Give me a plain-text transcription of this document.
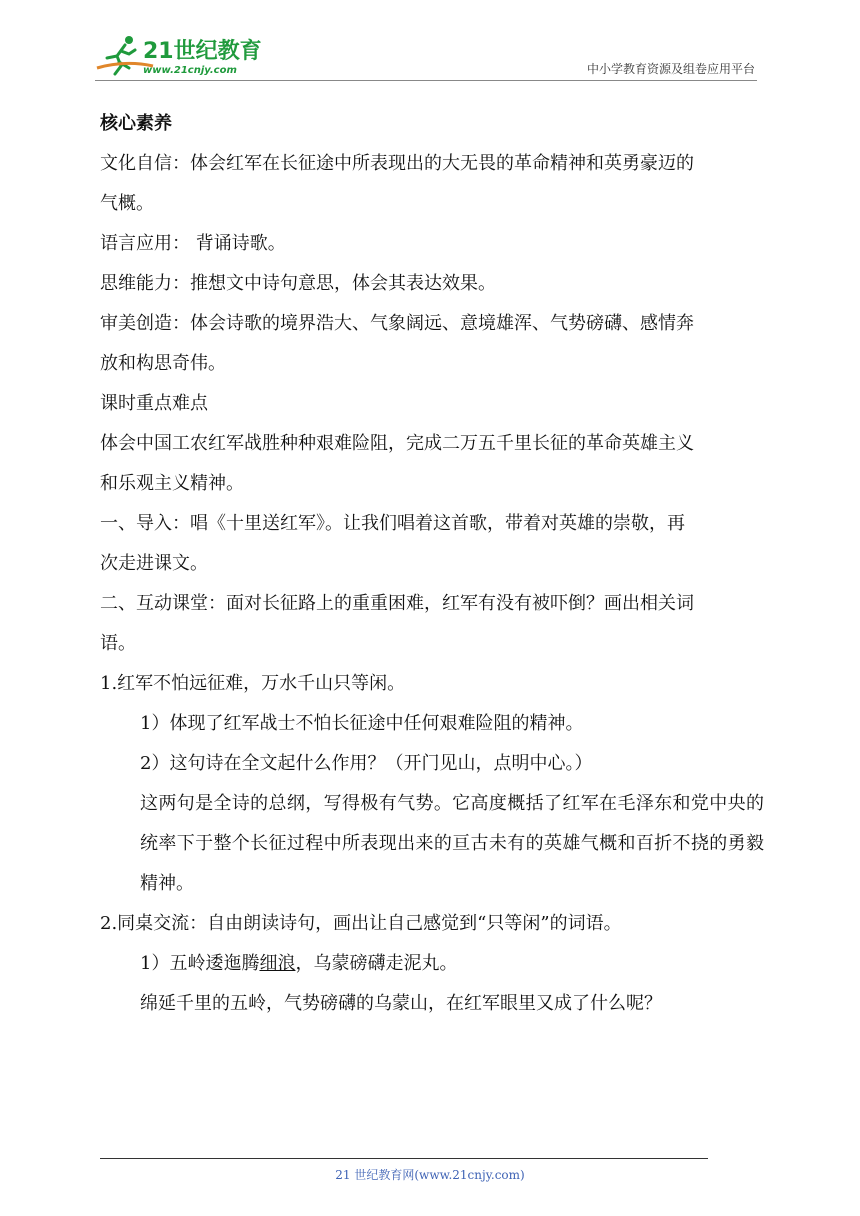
21世纪教育
www.21cnjy.com	中小学教育资源及组卷应用平台

核心素养

文化自信：体会红军在长征途中所表现出的大无畏的革命精神和英勇豪迈的

气概。

语言应用： 背诵诗歌。

思维能力：推想文中诗句意思，体会其表达效果。

审美创造：体会诗歌的境界浩大、气象阔远、意境雄浑、气势磅礴、感情奔

放和构思奇伟。

课时重点难点

体会中国工农红军战胜种种艰难险阻，完成二万五千里长征的革命英雄主义

和乐观主义精神。

一、导入：唱《十里送红军》。让我们唱着这首歌，带着对英雄的崇敬，再

次走进课文。

二、互动课堂：面对长征路上的重重困难，红军有没有被吓倒？画出相关词

语。

1.红军不怕远征难，万水千山只等闲。

1）体现了红军战士不怕长征途中任何艰难险阻的精神。

2）这句诗在全文起什么作用？（开门见山，点明中心。）

这两句是全诗的总纲，写得极有气势。它高度概括了红军在毛泽东和党中央的统率下于整个长征过程中所表现出来的亘古未有的英雄气概和百折不挠的勇毅精神。

2.同桌交流：自由朗读诗句，画出让自己感觉到“只等闲”的词语。

1）五岭逶迤腾细浪，乌蒙磅礴走泥丸。

绵延千里的五岭，气势磅礴的乌蒙山，在红军眼里又成了什么呢？

21 世纪教育网(www.21cnjy.com)
